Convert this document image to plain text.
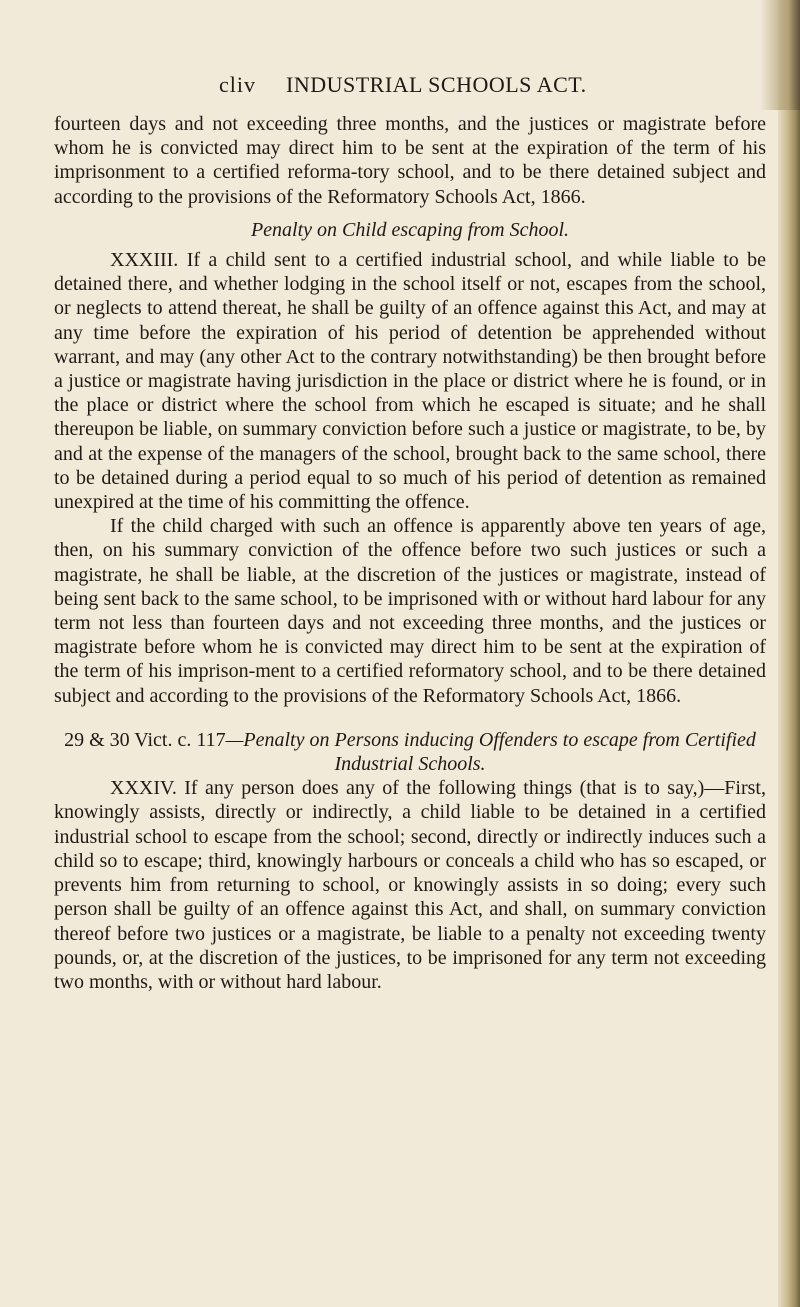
cliv INDUSTRIAL SCHOOLS ACT.

fourteen days and not exceeding three months, and the justices or magistrate before whom he is convicted may direct him to be sent at the expiration of the term of his imprisonment to a certified reforma-tory school, and to be there detained subject and according to the provisions of the Reformatory Schools Act, 1866.

Penalty on Child escaping from School.

XXXIII. If a child sent to a certified industrial school, and while liable to be detained there, and whether lodging in the school itself or not, escapes from the school, or neglects to attend thereat, he shall be guilty of an offence against this Act, and may at any time before the expiration of his period of detention be apprehended without warrant, and may (any other Act to the contrary notwithstanding) be then brought before a justice or magistrate having jurisdiction in the place or district where he is found, or in the place or district where the school from which he escaped is situate; and he shall thereupon be liable, on summary conviction before such a justice or magistrate, to be, by and at the expense of the managers of the school, brought back to the same school, there to be detained during a period equal to so much of his period of detention as remained unexpired at the time of his committing the offence.

If the child charged with such an offence is apparently above ten years of age, then, on his summary conviction of the offence before two such justices or such a magistrate, he shall be liable, at the discretion of the justices or magistrate, instead of being sent back to the same school, to be imprisoned with or without hard labour for any term not less than fourteen days and not exceeding three months, and the justices or magistrate before whom he is convicted may direct him to be sent at the expiration of the term of his imprison-ment to a certified reformatory school, and to be there detained subject and according to the provisions of the Reformatory Schools Act, 1866.

29 & 30 Vict. c. 117—Penalty on Persons inducing Offenders to escape from Certified Industrial Schools.

XXXIV. If any person does any of the following things (that is to say,)—First, knowingly assists, directly or indirectly, a child liable to be detained in a certified industrial school to escape from the school; second, directly or indirectly induces such a child so to escape; third, knowingly harbours or conceals a child who has so escaped, or prevents him from returning to school, or knowingly assists in so doing; every such person shall be guilty of an offence against this Act, and shall, on summary conviction thereof before two justices or a magistrate, be liable to a penalty not exceeding twenty pounds, or, at the discretion of the justices, to be imprisoned for any term not exceeding two months, with or without hard labour.
